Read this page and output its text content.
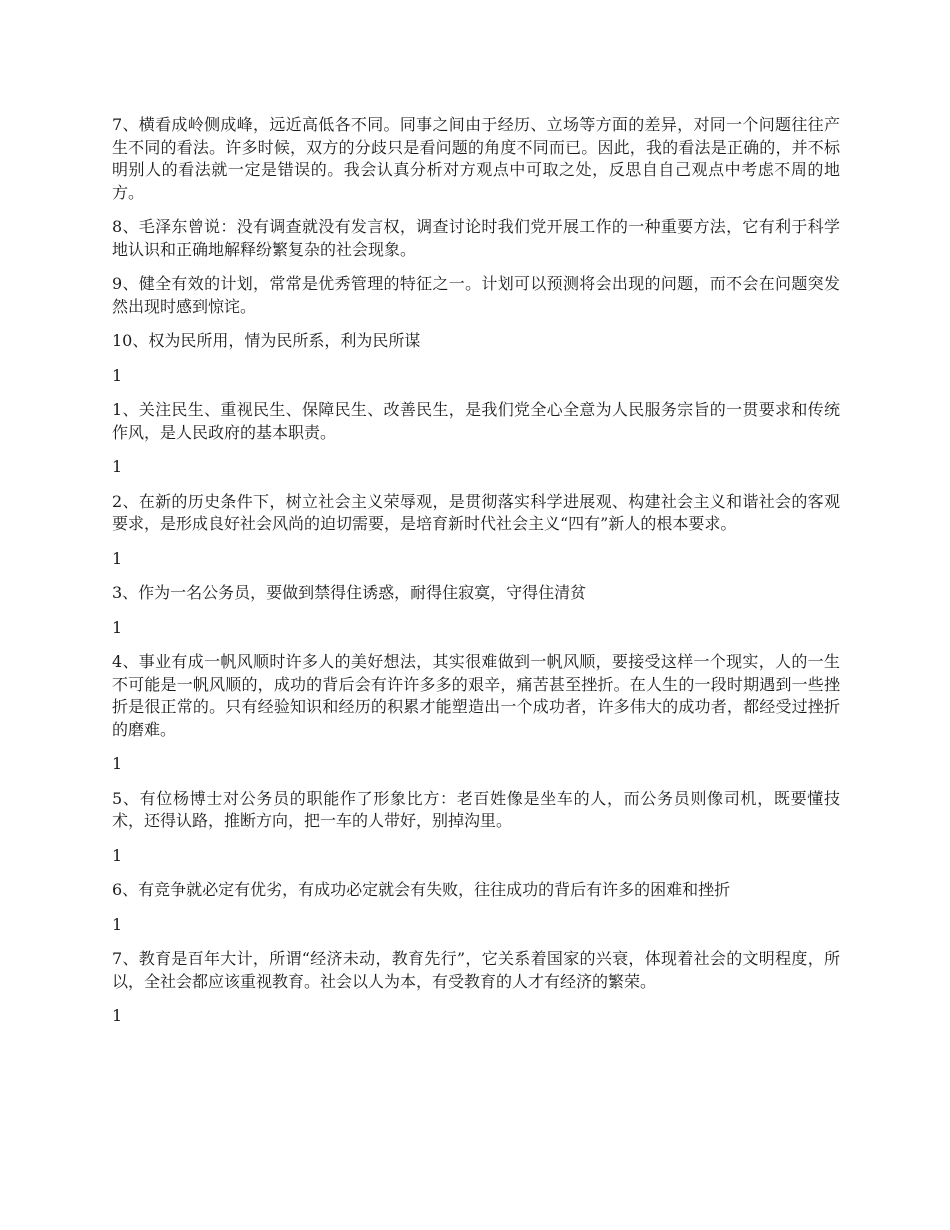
7、横看成岭侧成峰，远近高低各不同。同事之间由于经历、立场等方面的差异，对同一个问题往往产生不同的看法。许多时候，双方的分歧只是看问题的角度不同而已。因此，我的看法是正确的，并不标明别人的看法就一定是错误的。我会认真分析对方观点中可取之处，反思自自己观点中考虑不周的地方。

8、毛泽东曾说：没有调查就没有发言权，调查讨论时我们党开展工作的一种重要方法，它有利于科学地认识和正确地解释纷繁复杂的社会现象。

9、健全有效的计划，常常是优秀管理的特征之一。计划可以预测将会出现的问题，而不会在问题突发然出现时感到惊诧。

10、权为民所用，情为民所系，利为民所谋

1

1、关注民生、重视民生、保障民生、改善民生，是我们党全心全意为人民服务宗旨的一贯要求和传统作风，是人民政府的基本职责。

1

2、在新的历史条件下，树立社会主义荣辱观，是贯彻落实科学进展观、构建社会主义和谐社会的客观要求，是形成良好社会风尚的迫切需要，是培育新时代社会主义“四有”新人的根本要求。

1

3、作为一名公务员，要做到禁得住诱惑，耐得住寂寞，守得住清贫

1

4、事业有成一帆风顺时许多人的美好想法，其实很难做到一帆风顺，要接受这样一个现实，人的一生不可能是一帆风顺的，成功的背后会有许许多多的艰辛，痛苦甚至挫折。在人生的一段时期遇到一些挫折是很正常的。只有经验知识和经历的积累才能塑造出一个成功者，许多伟大的成功者，都经受过挫折的磨难。

1

5、有位杨博士对公务员的职能作了形象比方：老百姓像是坐车的人，而公务员则像司机，既要懂技术，还得认路，推断方向，把一车的人带好，别掉沟里。

1

6、有竞争就必定有优劣，有成功必定就会有失败，往往成功的背后有许多的困难和挫折

1

7、教育是百年大计，所谓“经济未动，教育先行”，它关系着国家的兴衰，体现着社会的文明程度，所以，全社会都应该重视教育。社会以人为本，有受教育的人才有经济的繁荣。

1
